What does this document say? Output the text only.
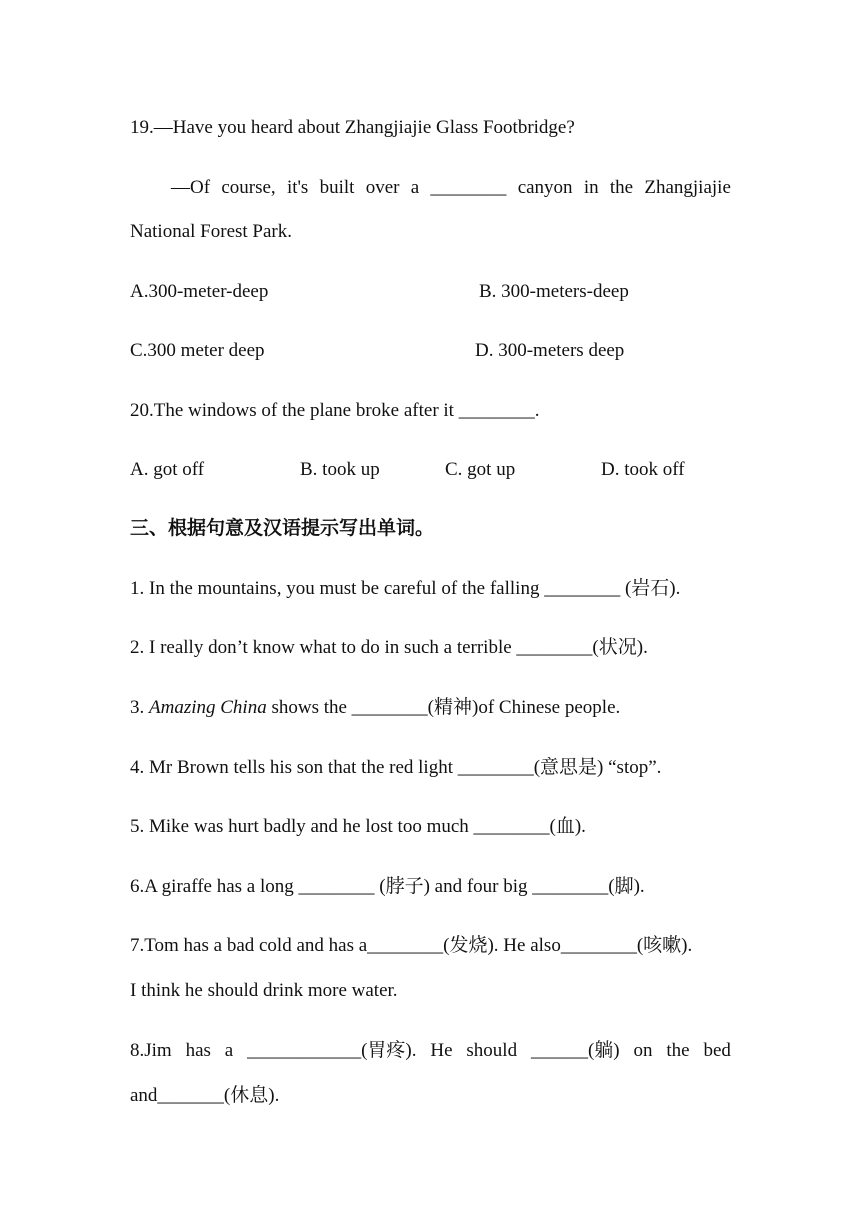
19.—Have you heard about Zhangjiajie Glass Footbridge?
—Of course, it's built over a ________ canyon in the Zhangjiajie
National Forest Park.
A.300-meter-deep	B. 300-meters-deep
C.300 meter deep	D. 300-meters deep
20.The windows of the plane broke after it ________.
A. got off	B. took up	C. got up	D. took off
三、根据句意及汉语提示写出单词。
1. In the mountains, you must be careful of the falling ________ (岩石).
2. I really don’t know what to do in such a terrible ________(状况).
3. Amazing China shows the ________(精神)of Chinese people.
4. Mr Brown tells his son that the red light ________(意思是) “stop”.
5. Mike was hurt badly and he lost too much ________(血).
6.A giraffe has a long ________ (脖子) and four big ________(脚).
7.Tom has a bad cold and has a________(发烧). He also________(咳嗽).
I think he should drink more water.
8.Jim has a ____________(胃疼). He should ______(躺) on the bed
and_______(休息).
